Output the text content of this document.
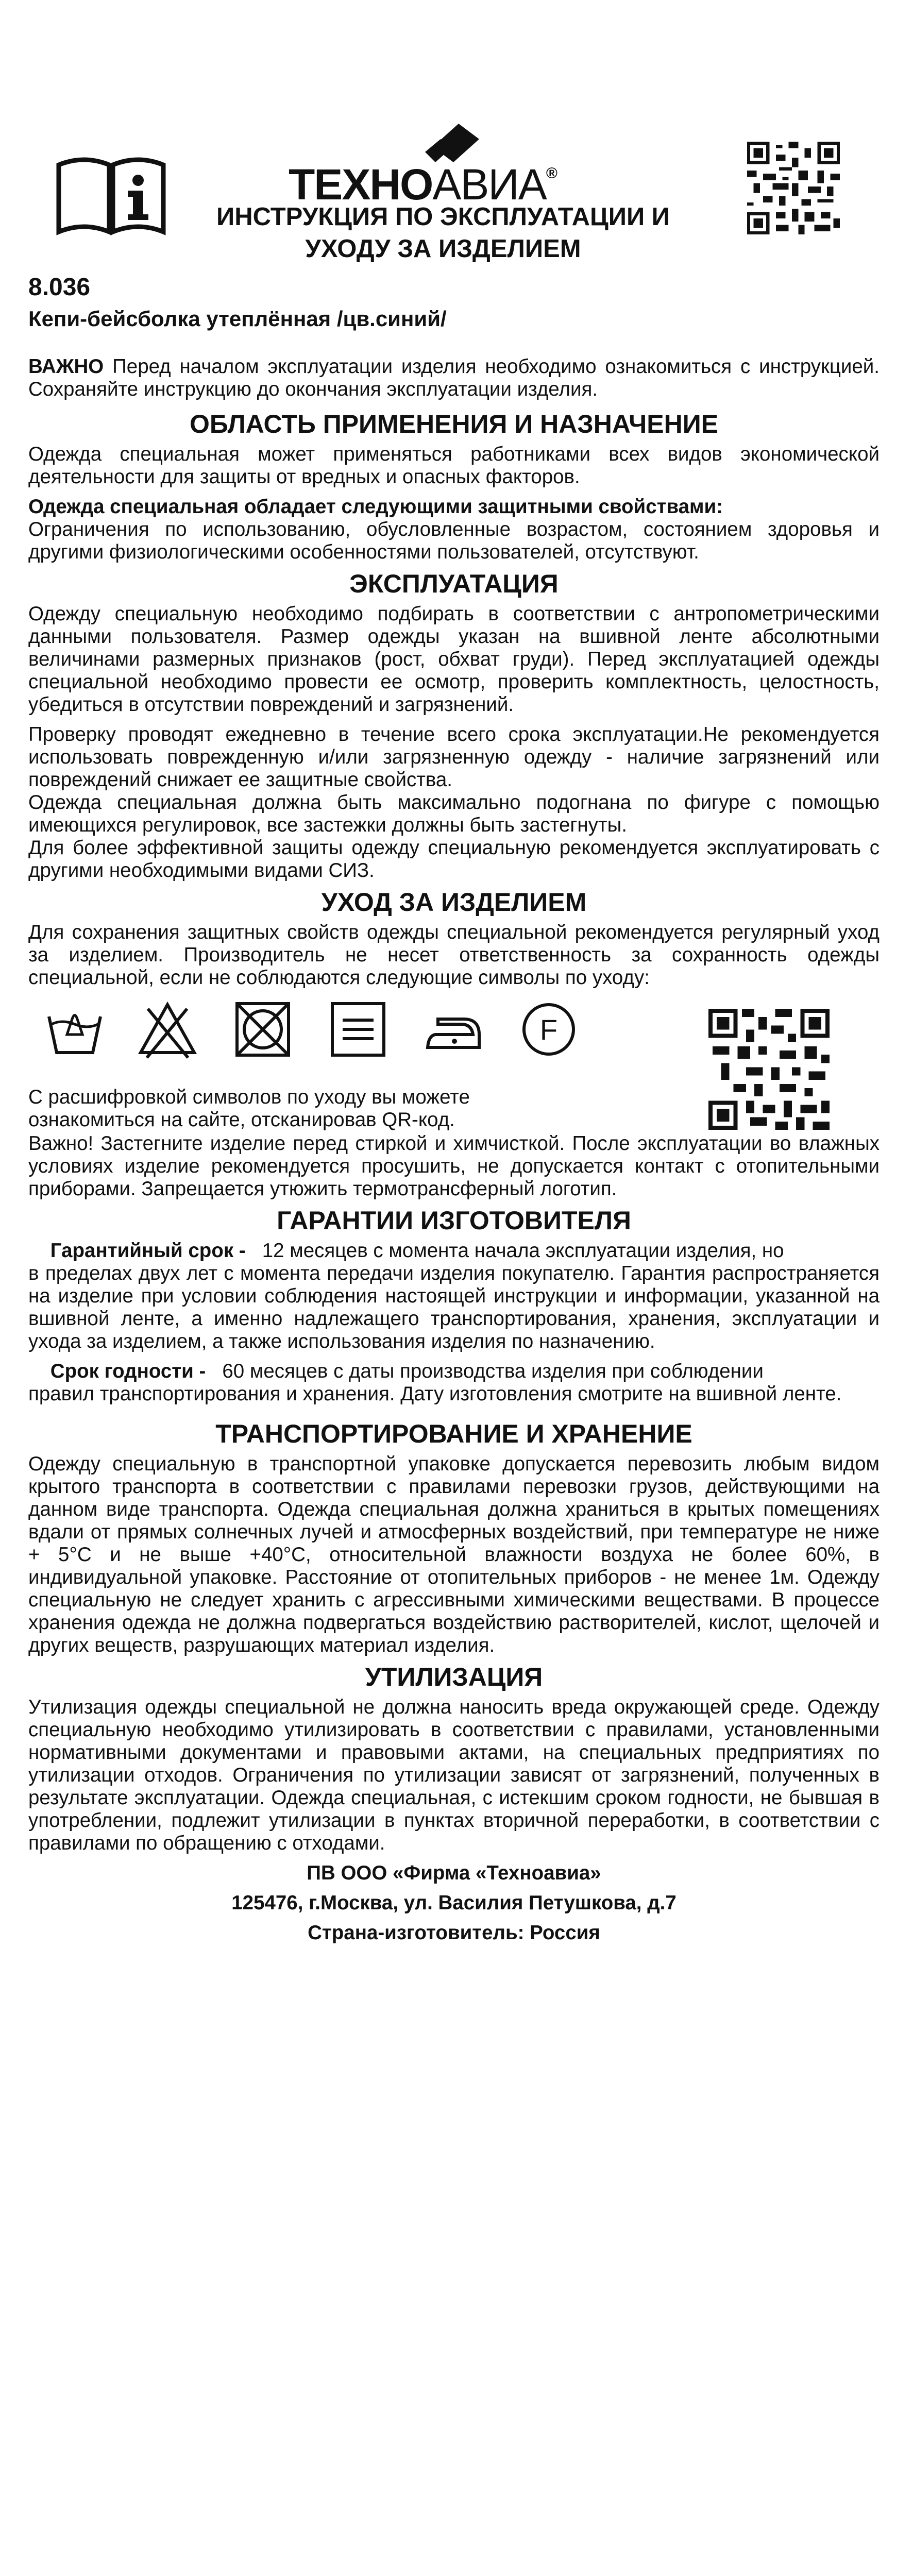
ТЕХНОАВИА®
ИНСТРУКЦИЯ ПО ЭКСПЛУАТАЦИИ И
УХОДУ ЗА ИЗДЕЛИЕМ
8.036
Кепи-бейсболка утеплённая /цв.синий/

ВАЖНО Перед началом эксплуатации изделия необходимо ознакомиться с инструкцией. Сохраняйте инструкцию до окончания эксплуатации изделия.

ОБЛАСТЬ ПРИМЕНЕНИЯ И НАЗНАЧЕНИЕ

Одежда специальная может применяться работниками всех видов экономической деятельности для защиты от вредных и опасных факторов.

Одежда специальная обладает следующими защитными свойствами:

Ограничения по использованию, обусловленные возрастом, состоянием здоровья и другими физиологическими особенностями пользователей, отсутствуют.

ЭКСПЛУАТАЦИЯ

Одежду специальную необходимо подбирать в соответствии с антропометрическими данными пользователя. Размер одежды указан на вшивной ленте абсолютными величинами размерных признаков (рост, обхват груди). Перед эксплуатацией одежды специальной необходимо провести ее осмотр, проверить комплектность, целостность, убедиться в отсутствии повреждений и загрязнений.

Проверку проводят ежедневно в течение всего срока эксплуатации.Не рекомендуется использовать поврежденную и/или загрязненную одежду - наличие загрязнений или повреждений снижает ее защитные свойства.

Одежда специальная должна быть максимально подогнана по фигуре с помощью имеющихся регулировок, все застежки должны быть застегнуты.

Для более эффективной защиты одежду специальную рекомендуется эксплуатировать с другими необходимыми видами СИЗ.

УХОД ЗА ИЗДЕЛИЕМ

Для сохранения защитных свойств одежды специальной рекомендуется регулярный уход за изделием. Производитель не несет ответственность за сохранность одежды специальной, если не соблюдаются следующие символы по уходу:

F
С расшифровкой символов по уходу вы можете
ознакомиться на сайте, отсканировав QR-код.

Важно! Застегните изделие перед стиркой и химчисткой. После эксплуатации во влажных условиях изделие рекомендуется просушить, не допускается контакт с отопительными приборами. Запрещается утюжить термотрансферный логотип.

ГАРАНТИИ ИЗГОТОВИТЕЛЯ

Гарантийный срок - 12 месяцев с момента начала эксплуатации изделия, но

в пределах двух лет с момента передачи изделия покупателю. Гарантия распространяется на изделие при условии соблюдения настоящей инструкции и информации, указанной на вшивной ленте, а именно надлежащего транспортирования, хранения, эксплуатации и ухода за изделием, а также использования изделия по назначению.

Срок годности - 60 месяцев с даты производства изделия при соблюдении

правил транспортирования и хранения. Дату изготовления смотрите на вшивной ленте.

ТРАНСПОРТИРОВАНИЕ И ХРАНЕНИЕ

Одежду специальную в транспортной упаковке допускается перевозить любым видом крытого транспорта в соответствии с правилами перевозки грузов, действующими на данном виде транспорта. Одежда специальная должна храниться в крытых помещениях вдали от прямых солнечных лучей и атмосферных воздействий, при температуре не ниже + 5°С и не выше +40°С, относительной влажности воздуха не более 60%, в индивидуальной упаковке. Расстояние от отопительных приборов - не менее 1м. Одежду специальную не следует хранить с агрессивными химическими веществами. В процессе хранения одежда не должна подвергаться воздействию растворителей, кислот, щелочей и других веществ, разрушающих материал изделия.

УТИЛИЗАЦИЯ

Утилизация одежды специальной не должна наносить вреда окружающей среде. Одежду специальную необходимо утилизировать в соответствии с правилами, установленными нормативными документами и правовыми актами, на специальных предприятиях по утилизации отходов. Ограничения по утилизации зависят от загрязнений, полученных в результате эксплуатации. Одежда специальная, с истекшим сроком годности, не бывшая в употреблении, подлежит утилизации в пунктах вторичной переработки, в соответствии с правилами по обращению с отходами.

ПВ ООО «Фирма «Техноавиа»
125476, г.Москва, ул. Василия Петушкова, д.7
Страна-изготовитель: Россия
